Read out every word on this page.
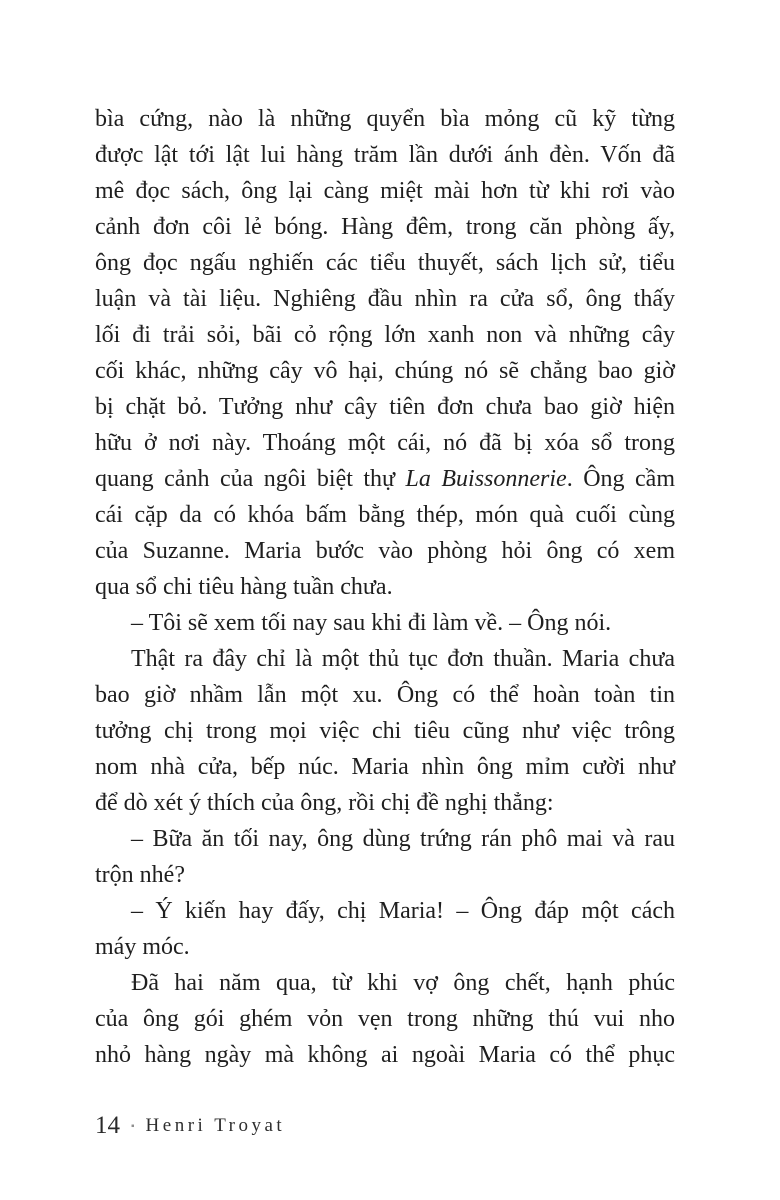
bìa cứng, nào là những quyển bìa mỏng cũ kỹ từng
được lật tới lật lui hàng trăm lần dưới ánh đèn. Vốn đã
mê đọc sách, ông lại càng miệt mài hơn từ khi rơi vào
cảnh đơn côi lẻ bóng. Hàng đêm, trong căn phòng ấy,
ông đọc ngấu nghiến các tiểu thuyết, sách lịch sử, tiểu
luận và tài liệu. Nghiêng đầu nhìn ra cửa sổ, ông thấy
lối đi trải sỏi, bãi cỏ rộng lớn xanh non và những cây
cối khác, những cây vô hại, chúng nó sẽ chẳng bao giờ
bị chặt bỏ. Tưởng như cây tiên đơn chưa bao giờ hiện
hữu ở nơi này. Thoáng một cái, nó đã bị xóa sổ trong
quang cảnh của ngôi biệt thự La Buissonnerie. Ông cầm
cái cặp da có khóa bấm bằng thép, món quà cuối cùng
của Suzanne. Maria bước vào phòng hỏi ông có xem
qua sổ chi tiêu hàng tuần chưa.
– Tôi sẽ xem tối nay sau khi đi làm về. – Ông nói.
Thật ra đây chỉ là một thủ tục đơn thuần. Maria chưa
bao giờ nhầm lẫn một xu. Ông có thể hoàn toàn tin
tưởng chị trong mọi việc chi tiêu cũng như việc trông
nom nhà cửa, bếp núc. Maria nhìn ông mỉm cười như
để dò xét ý thích của ông, rồi chị đề nghị thẳng:
– Bữa ăn tối nay, ông dùng trứng rán phô mai và rau
trộn nhé?
– Ý kiến hay đấy, chị Maria! – Ông đáp một cách
máy móc.
Đã hai năm qua, từ khi vợ ông chết, hạnh phúc
của ông gói ghém vỏn vẹn trong những thú vui nho
nhỏ hàng ngày mà không ai ngoài Maria có thể phục
14 ▪ Henri Troyat
